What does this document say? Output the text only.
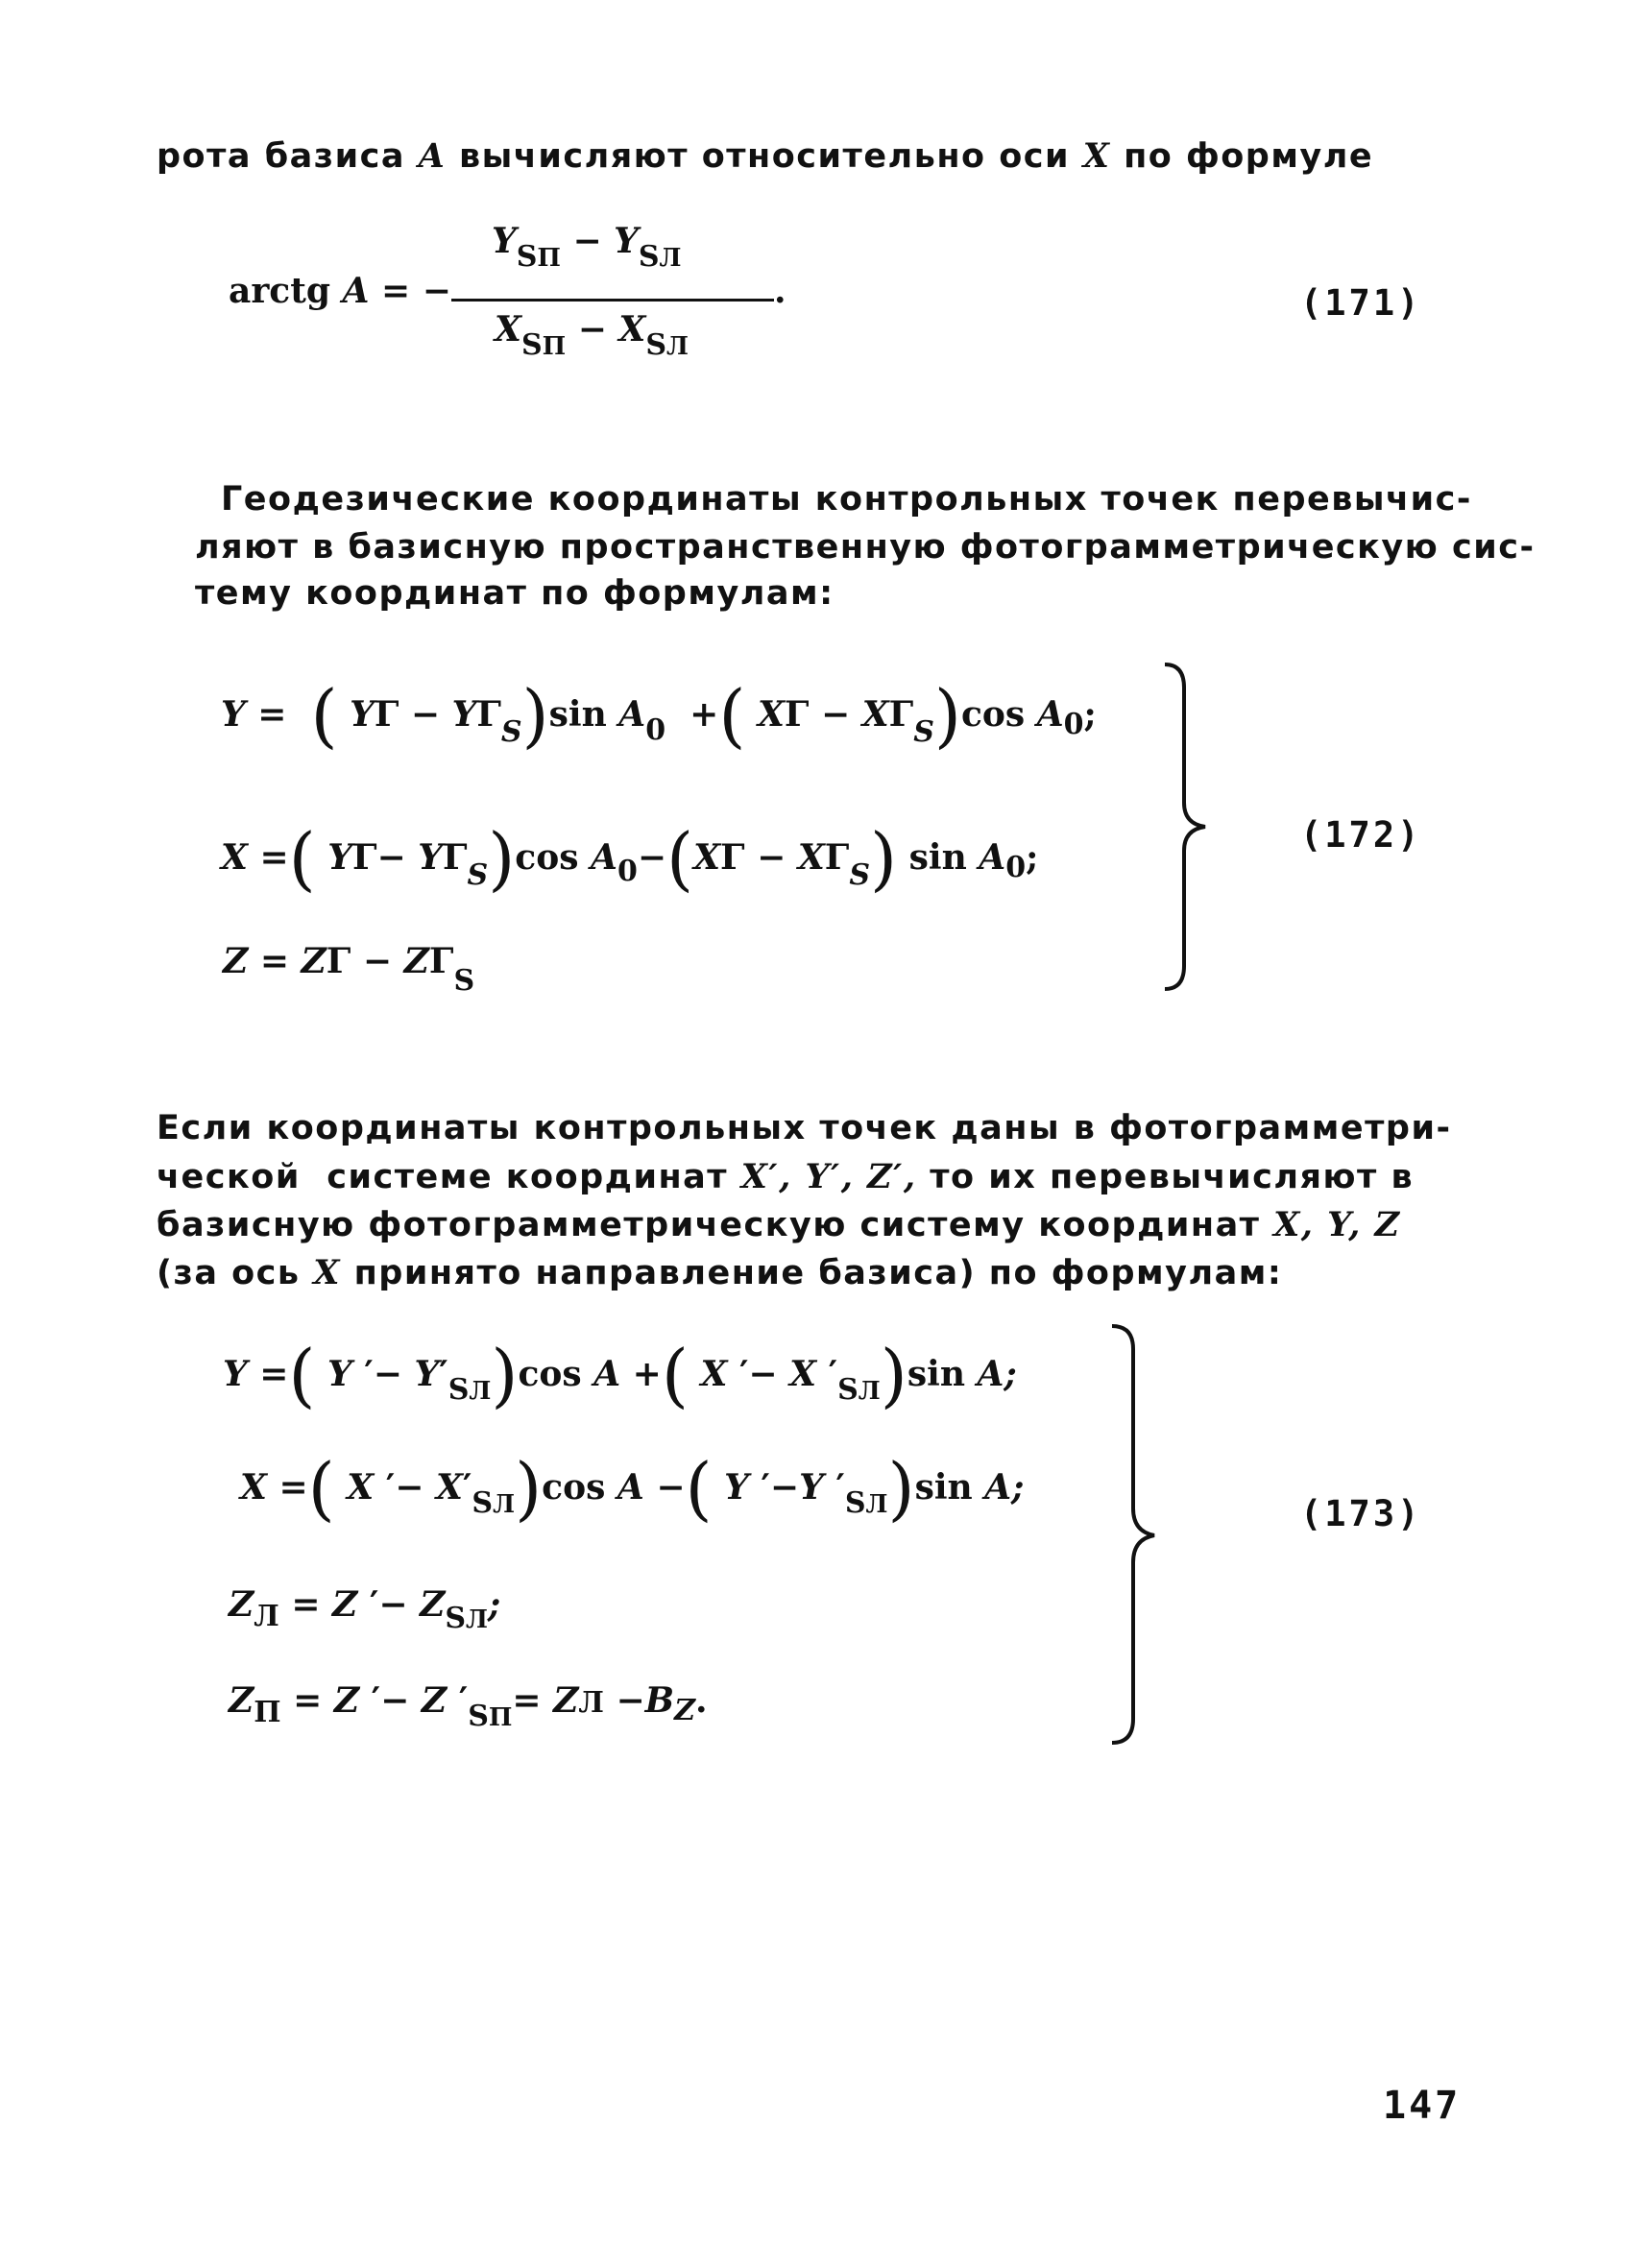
рота базиса A вычисляют относительно оси X по формуле
arctg A = −
$Y_{SП} - Y_{SЛ}$
.
$X_{SП} - X_{SЛ}$
(171)
Геодезические координаты контрольных точек перевычис-
ляют в базисную пространственную фотограмметрическую сис-
тему координат по формулам:
Y =  ( $Y\Gamma - Y\Gamma_S)\sin$ $A_0$  +( $X\Gamma - X\Gamma_S)\cos$ $A_0$;
X =( $Y\Gamma- Y\Gamma_S)\cos$ $A_0-(X\Gamma - X\Gamma_S)$ $\sin A_0$;
$Z = Z\Gamma - Z\Gamma_S$
(172)
Если координаты контрольных точек даны в фотограмметри-
ческой  системе координат X′, Y′, Z′, то их перевычисляют в
базисную фотограмметрическую систему координат X, Y, Z
(за ось X принято направление базиса) по формулам:
Y =( Y ′− $Y'_{SЛ})\cos$ A +( X ′− X $'_{SЛ})\sin$ A;
X =( X ′− $X'_{SЛ})\cos$ A −( Y ′−Y $'_{SЛ})\sin$ A;
$Z_Л = Z$ ′− $Z_{SЛ}$;
$Z_П = Z$ ′− Z $'_{SП}=$ ZЛ $-B_Z$.
(173)
147
